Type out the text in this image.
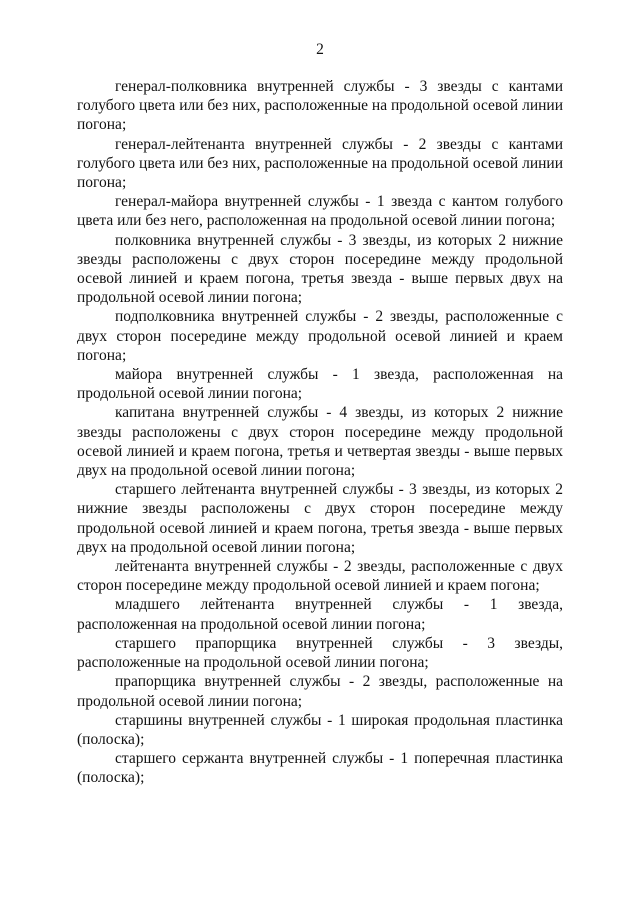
2

генерал-полковника внутренней службы - 3 звезды с кантами голубого цвета или без них, расположенные на продольной осевой линии погона;

генерал-лейтенанта внутренней службы - 2 звезды с кантами голубого цвета или без них, расположенные на продольной осевой линии погона;

генерал-майора внутренней службы - 1 звезда с кантом голубого цвета или без него, расположенная на продольной осевой линии погона;

полковника внутренней службы - 3 звезды, из которых 2 нижние звезды расположены с двух сторон посередине между продольной осевой линией и краем погона, третья звезда - выше первых двух на продольной осевой линии погона;

подполковника внутренней службы - 2 звезды, расположенные с двух сторон посередине между продольной осевой линией и краем погона;

майора внутренней службы - 1 звезда, расположенная на продольной осевой линии погона;

капитана внутренней службы - 4 звезды, из которых 2 нижние звезды расположены с двух сторон посередине между продольной осевой линией и краем погона, третья и четвертая звезды - выше первых двух на продольной осевой линии погона;

старшего лейтенанта внутренней службы - 3 звезды, из которых 2 нижние звезды расположены с двух сторон посередине между продольной осевой линией и краем погона, третья звезда - выше первых двух на продольной осевой линии погона;

лейтенанта внутренней службы - 2 звезды, расположенные с двух сторон посередине между продольной осевой линией и краем погона;

младшего лейтенанта внутренней службы - 1 звезда, расположенная на продольной осевой линии погона;

старшего прапорщика внутренней службы - 3 звезды, расположенные на продольной осевой линии погона;

прапорщика внутренней службы - 2 звезды, расположенные на продольной осевой линии погона;

старшины внутренней службы - 1 широкая продольная пластинка (полоска);

старшего сержанта внутренней службы - 1 поперечная пластинка (полоска);
